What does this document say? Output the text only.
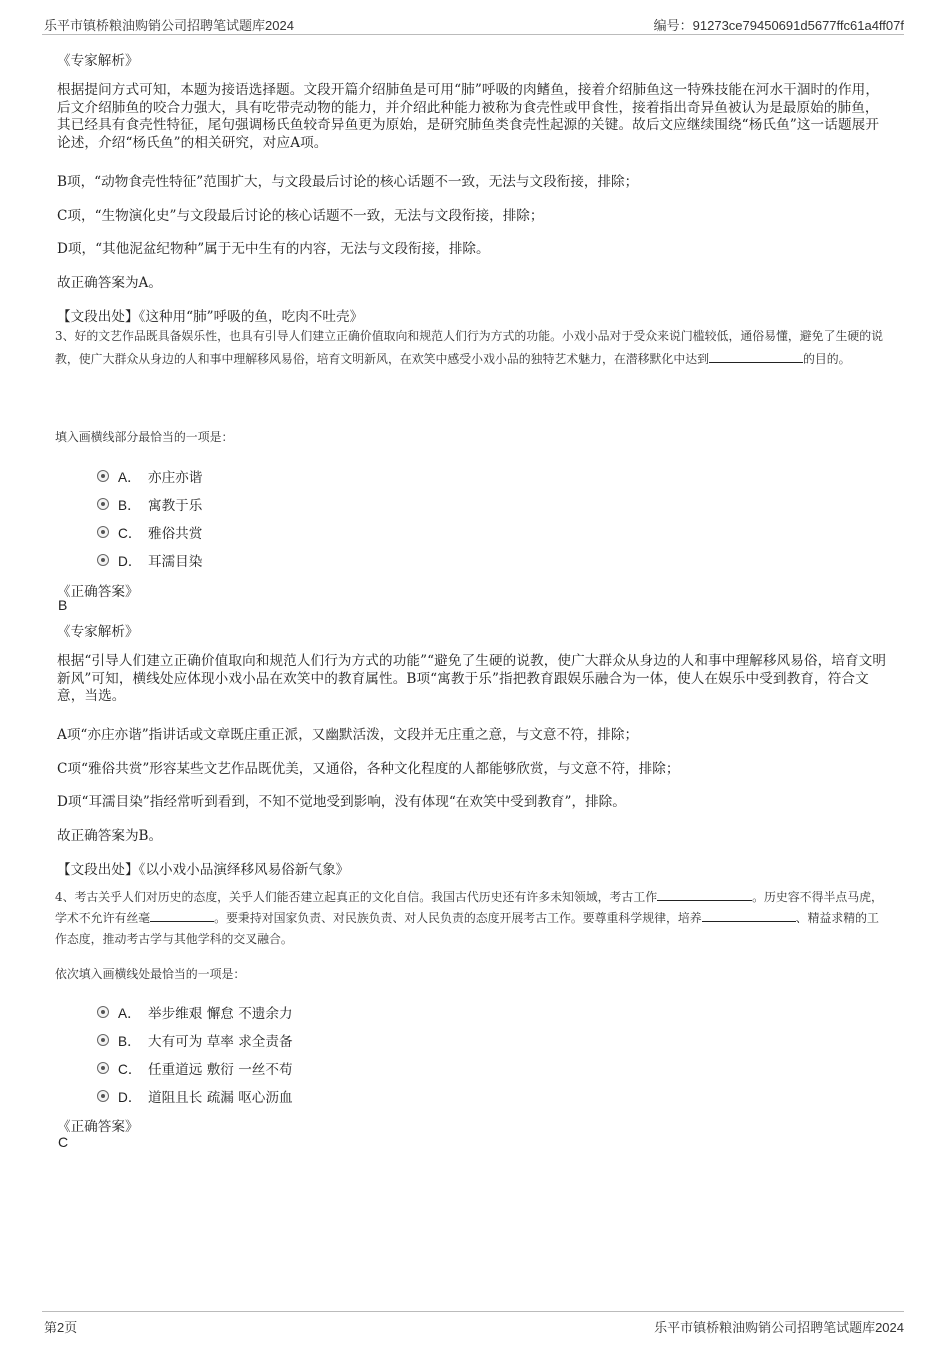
乐平市镇桥粮油购销公司招聘笔试题库2024	编号：91273ce79450691d5677ffc61a4ff07f
《专家解析》
根据提问方式可知，本题为接语选择题。文段开篇介绍肺鱼是可用“肺”呼吸的肉鳍鱼，接着介绍肺鱼这一特殊技能在河水干涸时的作用，后文介绍肺鱼的咬合力强大，具有吃带壳动物的能力，并介绍此种能力被称为食壳性或甲食性，接着指出奇异鱼被认为是最原始的肺鱼，其已经具有食壳性特征，尾句强调杨氏鱼较奇异鱼更为原始，是研究肺鱼类食壳性起源的关键。故后文应继续围绕“杨氏鱼”这一话题展开论述，介绍“杨氏鱼”的相关研究，对应A项。
B项，“动物食壳性特征”范围扩大，与文段最后讨论的核心话题不一致，无法与文段衔接，排除；
C项，“生物演化史”与文段最后讨论的核心话题不一致，无法与文段衔接，排除；
D项，“其他泥盆纪物种”属于无中生有的内容，无法与文段衔接，排除。
故正确答案为A。
【文段出处】《这种用“肺”呼吸的鱼，吃肉不吐壳》
3、好的文艺作品既具备娱乐性，也具有引导人们建立正确价值取向和规范人们行为方式的功能。小戏小品对于受众来说门槛较低，通俗易懂，避免了生硬的说教，使广大群众从身边的人和事中理解移风易俗，培育文明新风，在欢笑中感受小戏小品的独特艺术魅力，在潜移默化中达到	的目的。
填入画横线部分最恰当的一项是：
A． 亦庄亦谐
B． 寓教于乐
C． 雅俗共赏
D． 耳濡目染
《正确答案》
B
《专家解析》
根据“引导人们建立正确价值取向和规范人们行为方式的功能”“避免了生硬的说教，使广大群众从身边的人和事中理解移风易俗，培育文明新风”可知，横线处应体现小戏小品在欢笑中的教育属性。B项“寓教于乐”指把教育跟娱乐融合为一体，使人在娱乐中受到教育，符合文意，当选。
A项“亦庄亦谐”指讲话或文章既庄重正派，又幽默活泼，文段并无庄重之意，与文意不符，排除；
C项“雅俗共赏”形容某些文艺作品既优美，又通俗，各种文化程度的人都能够欣赏，与文意不符，排除；
D项“耳濡目染”指经常听到看到，不知不觉地受到影响，没有体现“在欢笑中受到教育”，排除。
故正确答案为B。
【文段出处】《以小戏小品演绎移风易俗新气象》
4、考古关乎人们对历史的态度，关乎人们能否建立起真正的文化自信。我国古代历史还有许多未知领域，考古工作	。历史容不得半点马虎，学术不允许有丝毫	。要秉持对国家负责、对民族负责、对人民负责的态度开展考古工作。要尊重科学规律，培养	、精益求精的工作态度，推动考古学与其他学科的交叉融合。
依次填入画横线处最恰当的一项是：
A． 举步维艰 懈怠 不遗余力
B． 大有可为 草率 求全责备
C． 任重道远 敷衍 一丝不苟
D． 道阻且长 疏漏 呕心沥血
《正确答案》
C
第2页	乐平市镇桥粮油购销公司招聘笔试题库2024
